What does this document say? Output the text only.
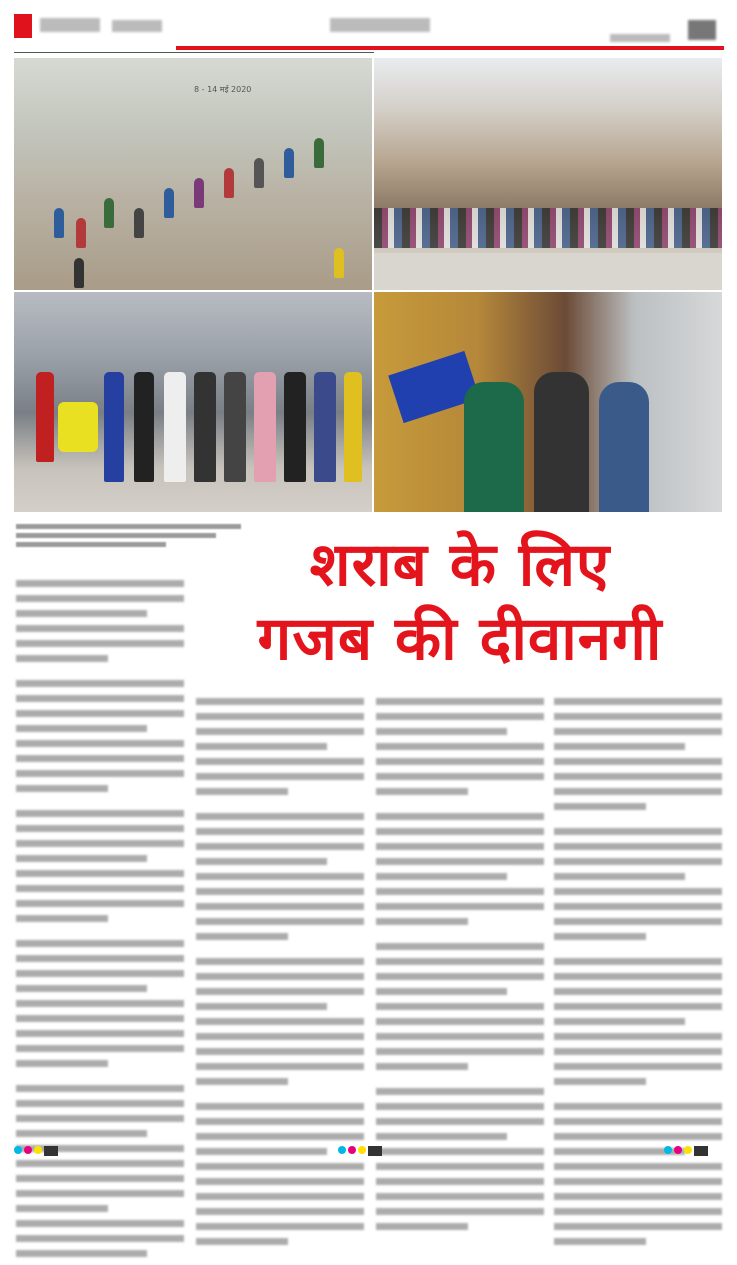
8 - 14 मई 2020
शराब के लिए
गजब की दीवानगी
